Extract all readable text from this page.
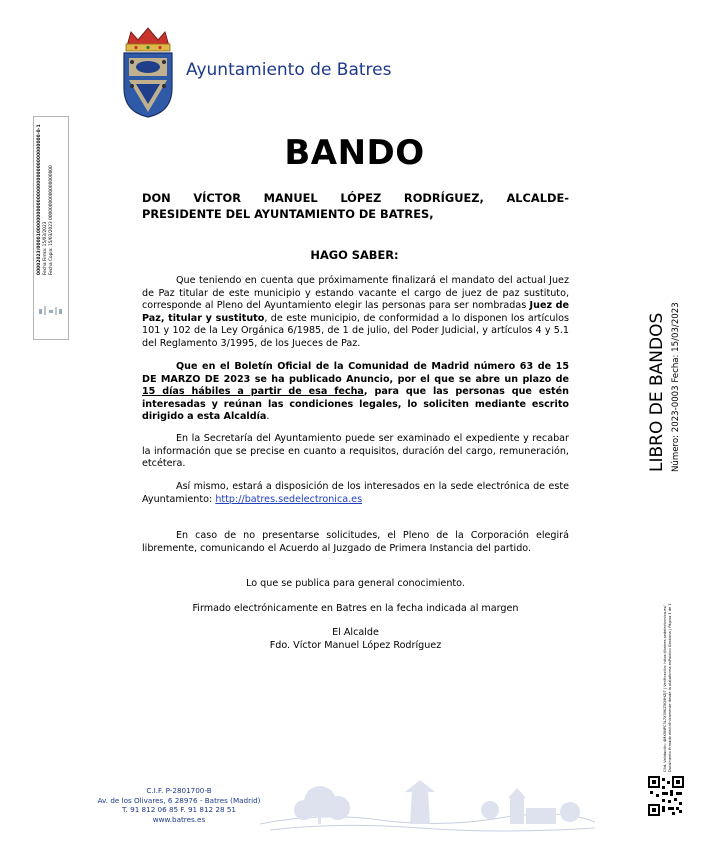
Ayuntamiento de Batres
00002023/0000100000000000000000000000000000000-0-1 Fecha Firma: 15/03/2023 Fecha Copia: 15/03/2023 00000000000000000000
BANDO
DON VÍCTOR MANUEL LÓPEZ RODRÍGUEZ, ALCALDE-
PRESIDENTE DEL AYUNTAMIENTO DE BATRES,
HAGO SABER:
Que teniendo en cuenta que próximamente finalizará el mandato del actual Juez de Paz titular de este municipio y estando vacante el cargo de juez de paz sustituto, corresponde al Pleno del Ayuntamiento elegir las personas para ser nombradas Juez de Paz, titular y sustituto, de este municipio, de conformidad a lo disponen los artículos 101 y 102 de la Ley Orgánica 6/1985, de 1 de julio, del Poder Judicial, y artículos 4 y 5.1 del Reglamento 3/1995, de los Jueces de Paz.
Que en el Boletín Oficial de la Comunidad de Madrid número 63 de 15 DE MARZO DE 2023 se ha publicado Anuncio, por el que se abre un plazo de 15 días hábiles a partir de esa fecha, para que las personas que estén interesadas y reúnan las condiciones legales, lo soliciten mediante escrito dirigido a esta Alcaldía.
En la Secretaría del Ayuntamiento puede ser examinado el expediente y recabar la información que se precise en cuanto a requisitos, duración del cargo, remuneración, etcétera.
Así mismo, estará a disposición de los interesados en la sede electrónica de este Ayuntamiento: http://batres.sedelectronica.es
En caso de no presentarse solicitudes, el Pleno de la Corporación elegirá libremente, comunicando el Acuerdo al Juzgado de Primera Instancia del partido.
Lo que se publica para general conocimiento.
Firmado electrónicamente en Batres en la fecha indicada al margen
El Alcalde
Fdo. Víctor Manuel López Rodríguez
LIBRO DE BANDOS Número: 2023-0003 Fecha: 15/03/2023
Cód. Validación: 4MX9NPC3L7X39KZ5Q9HZJ7 | Verificación: https://batres.sedelectronica.es/ Documento firmado electrónicamente desde la plataforma esPublico Gestiona | Página 1 de 1
C.I.F. P-2801700-B
Av. de los Olivares, 6 28976 - Batres (Madrid)
T. 91 812 06 85 F. 91 812 28 51
www.batres.es
